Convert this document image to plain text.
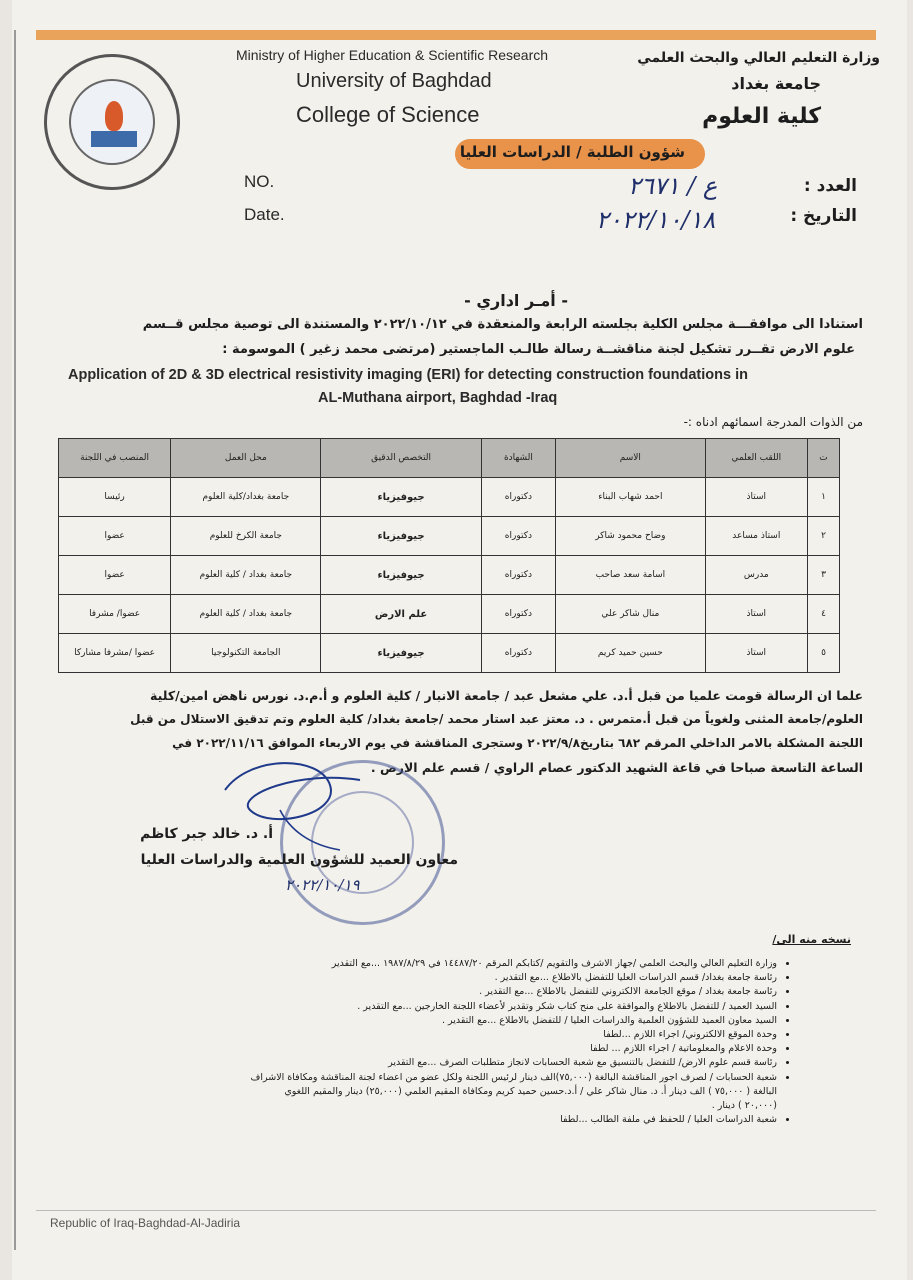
Ministry of Higher Education & Scientific Research
University of Baghdad
College of Science
وزارة التعليم العالي والبحث العلمي
جامعة بغداد
كلية العلوم
شؤون الطلبة / الدراسات العليا
NO.
Date.
العدد :
التاريخ :
ع / ٢٦٧١
٢٠٢٢/١٠/١٨
- أمـر اداري -
استنادا الى موافقـــة مجلس الكلية بجلسته الرابعة والمنعقدة في ٢٠٢٢/١٠/١٢ والمستندة الى توصية مجلس قــسم
علوم الارض تقــرر تشكيل لجنة مناقشــة رسالة طالـب الماجستير (مرتضى محمد زغير ) الموسومة :
Application of 2D & 3D electrical resistivity imaging (ERI) for detecting construction foundations in
AL-Muthana airport, Baghdad -Iraq
من الذوات المدرجة اسمائهم ادناه :-
ت	اللقب العلمي	الاسم	الشهادة	التخصص الدقيق	محل العمل	المنصب في اللجنة
١	استاذ	احمد شهاب البناء	دكتوراه	جيوفيزياء	جامعة بغداد/كلية العلوم	رئيسا
٢	استاذ مساعد	وضاح محمود شاكر	دكتوراه	جيوفيزياء	جامعة الكرخ للعلوم	عضوا
٣	مدرس	اسامة سعد صاحب	دكتوراه	جيوفيزياء	جامعة بغداد / كلية العلوم	عضوا
٤	استاذ	منال شاكر علي	دكتوراه	علم الارض	جامعة بغداد / كلية العلوم	عضوا/ مشرفا
٥	استاذ	حسين حميد كريم	دكتوراه	جيوفيزياء	الجامعة التكنولوجيا	عضوا /مشرفا مشاركا
علما ان الرسالة قومت علميا من قبل أ.د. علي مشعل عبد / جامعة الانبار / كلية العلوم و أ.م.د. نورس ناهض امين/كلية
العلوم/جامعة المثنى ولغوياً من قبل أ.متمرس . د. معتز عبد استار محمد /جامعة بغداد/ كلية العلوم وتم تدقيق الاستلال من قبل
اللجنة المشكلة بالامر الداخلي المرقم ٦٨٢ بتاريخ٢٠٢٢/٩/٨ وستجرى المناقشة في يوم الاربعاء الموافق ٢٠٢٢/١١/١٦ في
الساعة التاسعة صباحا في قاعة الشهيد الدكتور عصام الراوي / قسم علم الارض .
أ. د. خالد جبر كاظم
معاون العميد للشؤون العلمية والدراسات العليا
٢٠٢٢/١٠/١٩
نسخه منه الى/
• وزارة التعليم العالي والبحث العلمي /جهاز الاشرف والتقويم /كتابكم المرقم ١٤٤٨٧/٢٠ في ١٩٨٧/٨/٢٩ ...مع التقدير
• رئاسة جامعة بغداد/ قسم الدراسات العليا للتفضل بالاطلاع ...مع التقدير .
• رئاسة جامعة بغداد / موقع الجامعة الالكتروني للتفضل بالاطلاع ...مع التقدير .
• السيد العميد / للتفضل بالاطلاع والموافقة على منح كتاب شكر وتقدير لأعضاء اللجنة الخارجين ...مع التقدير .
• السيد معاون العميد للشؤون العلمية والدراسات العليا / للتفضل بالاطلاع ...مع التقدير .
• وحدة الموقع الالكتروني/ اجراء اللازم ...لطفا
• وحدة الاعلام والمعلوماتية / اجراء اللازم ... لطفا
• رئاسة قسم علوم الارض/ للتفضل بالتنسيق مع شعبة الحسابات لانجاز متطلبات الصرف ...مع التقدير
• شعبة الحسابات / لصرف اجور المناقشة البالغة (٧٥,٠٠٠)الف دينار لرئيس اللجنة ولكل عضو من اعضاء لجنة المناقشة ومكافاة الاشراف
البالغة ( ٧٥,٠٠٠ ) الف دينار أ. د. منال شاكر علي / أ.د.حسين حميد كريم ومكافاة المقيم العلمي (٢٥,٠٠٠) دينار والمقيم اللغوي
(٢٠,٠٠٠ ) دينار .
• شعبة الدراسات العليا / للحفظ في ملفة الطالب ...لطفا
Republic of Iraq-Baghdad-Al-Jadiria
